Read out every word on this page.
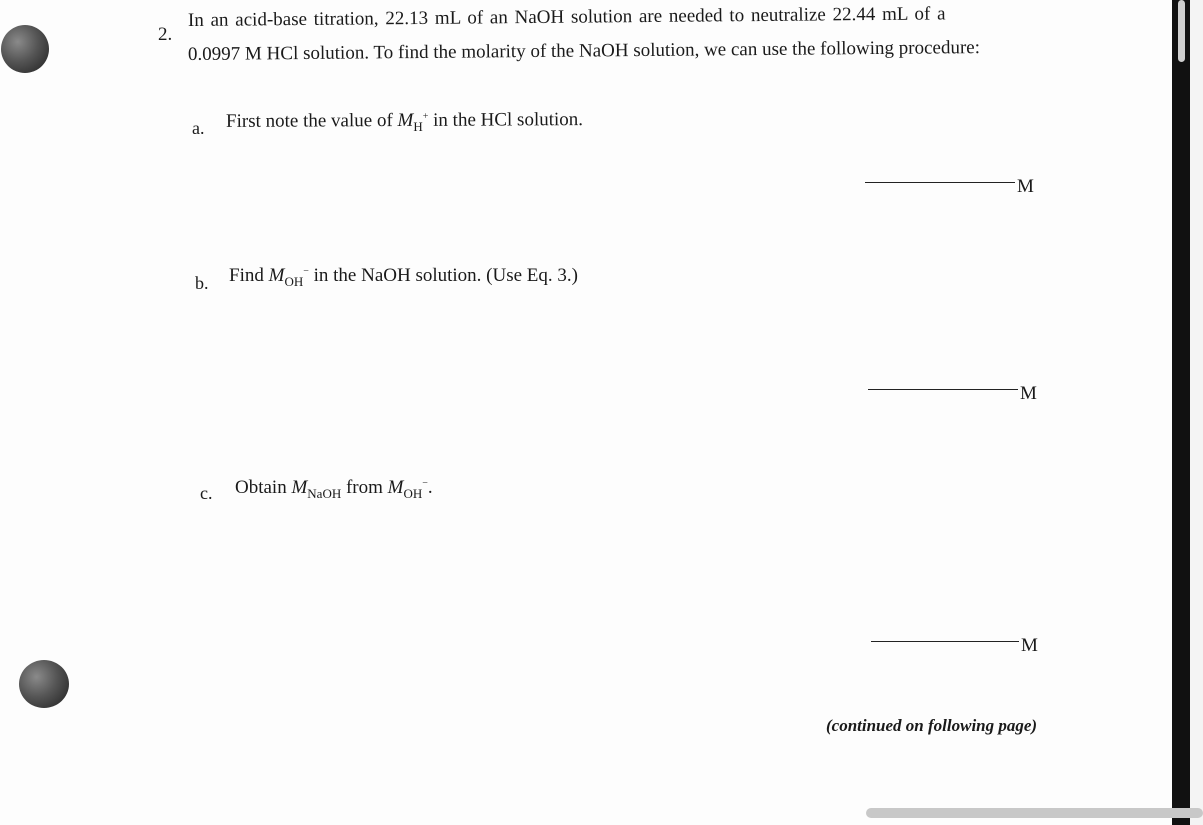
2.
In an acid-base titration, 22.13 mL of an NaOH solution are needed to neutralize 22.44 mL of a
0.0997 M HCl solution. To find the molarity of the NaOH solution, we can use the following procedure:
a. First note the value of $M_H^+$ in the HCl solution.
M
b. Find $M_{OH}^-$ in the NaOH solution. (Use Eq. 3.)
M
c. Obtain $M_{NaOH}$ from $M_{OH}^-$.
M
(continued on following page)
